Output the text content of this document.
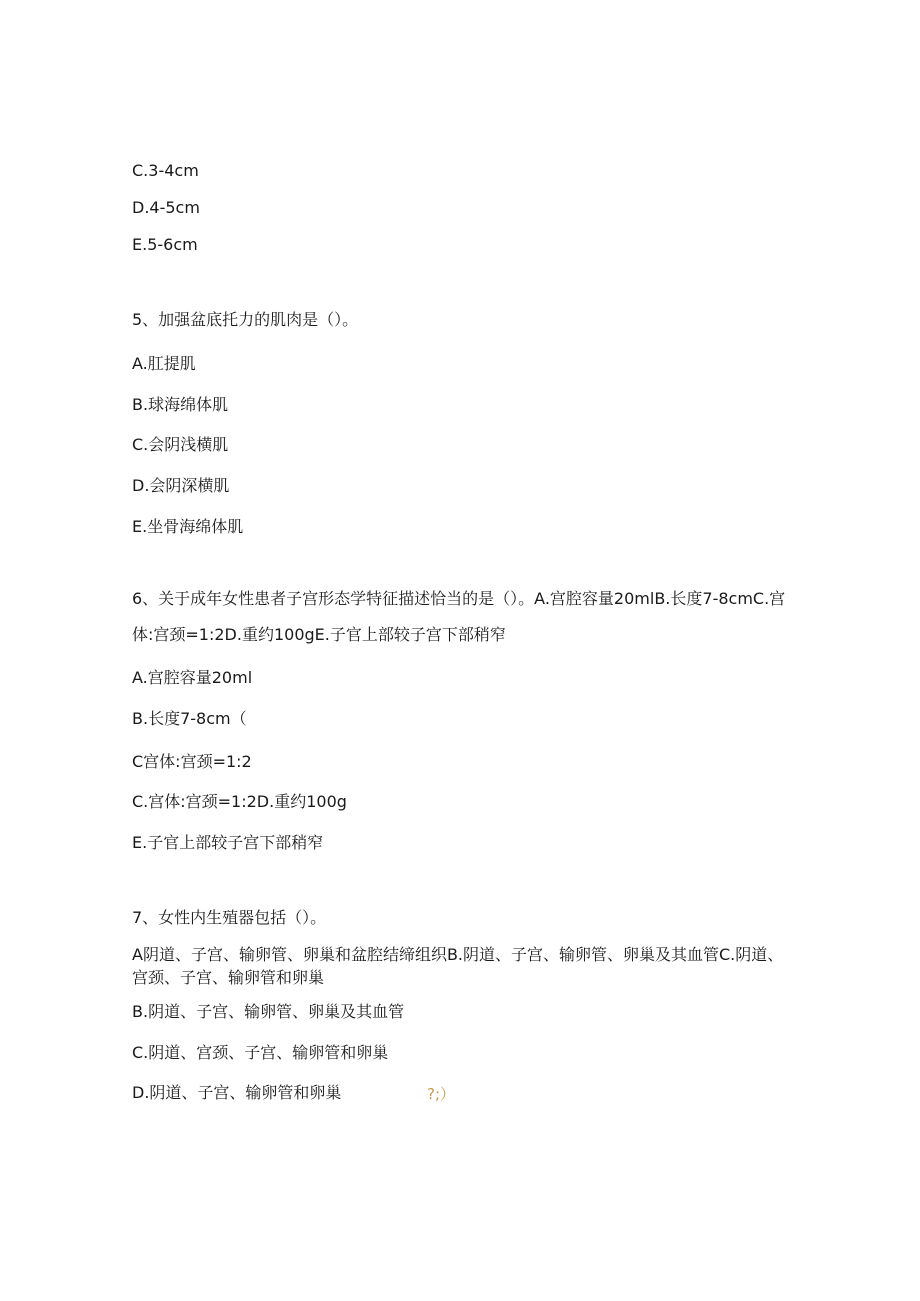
C.3-4cm
D.4-5cm
E.5-6cm
5、加强盆底托力的肌肉是（）。
A.肛提肌
B.球海绵体肌
C.会阴浅横肌
D.会阴深横肌
E.坐骨海绵体肌
6、关于成年女性患者子宫形态学特征描述恰当的是（）。A.宫腔容量20mlB.长度7-8cmC.宫体:宫颈=1:2D.重约100gE.子官上部较子宫下部稍窄
A.宫腔容量20ml
B.长度7-8cm（
C宫体:宫颈=1:2
C.宫体:宫颈=1:2D.重约100g
E.子官上部较子宫下部稍窄
7、女性内生殖器包括（）。
A阴道、子宫、输卵管、卵巢和盆腔结缔组织B.阴道、子宫、输卵管、卵巢及其血管C.阴道、宫颈、子宫、输卵管和卵巢
B.阴道、子宫、输卵管、卵巢及其血管
C.阴道、宫颈、子宫、输卵管和卵巢
D.阴道、子宫、输卵管和卵巢	?;）
